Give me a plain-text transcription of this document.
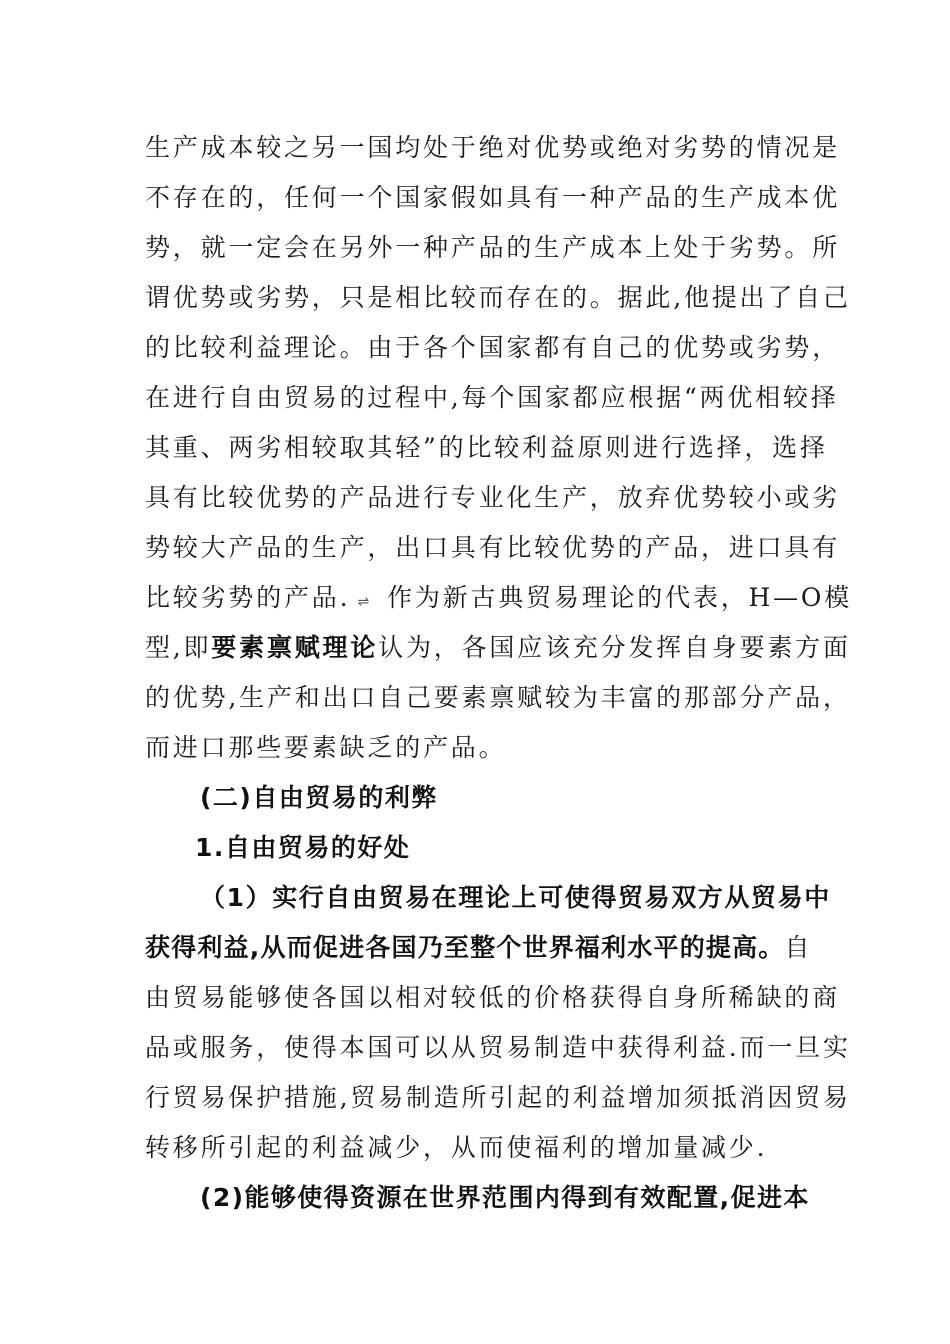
生产成本较之另一国均处于绝对优势或绝对劣势的情况是
不存在的，任何一个国家假如具有一种产品的生产成本优
势，就一定会在另外一种产品的生产成本上处于劣势。所
谓优势或劣势，只是相比较而存在的。据此,他提出了自己
的比较利益理论。由于各个国家都有自己的优势或劣势，
在进行自由贸易的过程中,每个国家都应根据“两优相较择
其重、两劣相较取其轻”的比较利益原则进行选择，选择
具有比较优势的产品进行专业化生产，放弃优势较小或劣
势较大产品的生产，出口具有比较优势的产品，进口具有
比较劣势的产品. ⇌ 作为新古典贸易理论的代表，H—O模
型,即要素禀赋理论认为，各国应该充分发挥自身要素方面
的优势,生产和出口自己要素禀赋较为丰富的那部分产品，
而进口那些要素缺乏的产品。
(二)自由贸易的利弊
1.自由贸易的好处
（1）实行自由贸易在理论上可使得贸易双方从贸易中
获得利益,从而促进各国乃至整个世界福利水平的提高。自
由贸易能够使各国以相对较低的价格获得自身所稀缺的商
品或服务，使得本国可以从贸易制造中获得利益.而一旦实
行贸易保护措施,贸易制造所引起的利益增加须抵消因贸易
转移所引起的利益减少，从而使福利的增加量减少.
(2)能够使得资源在世界范围内得到有效配置,促进本
